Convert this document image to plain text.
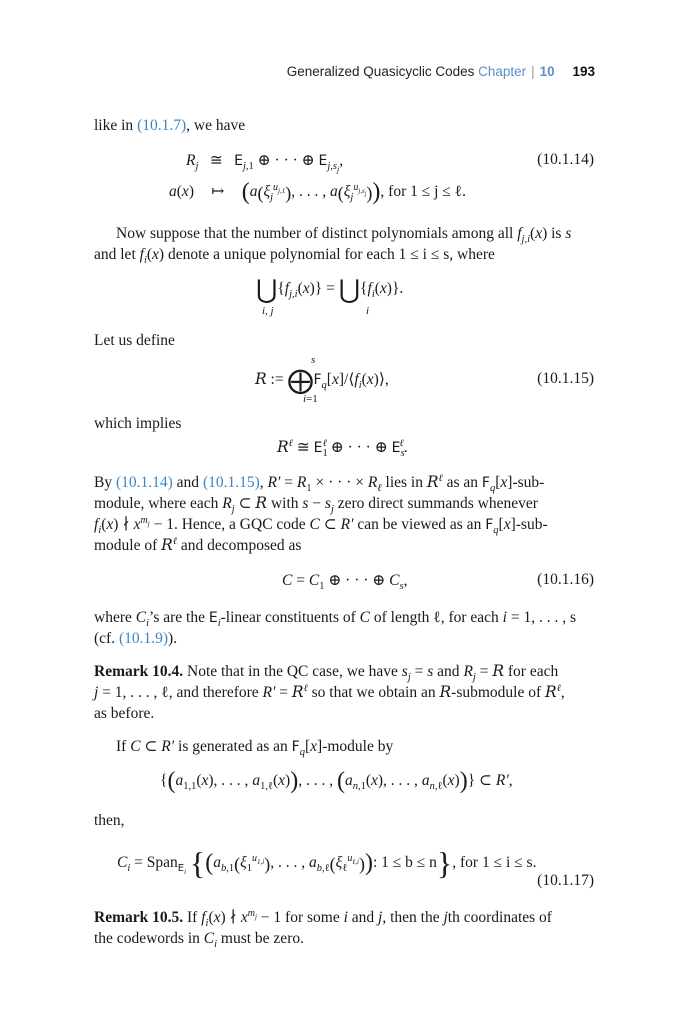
Generalized Quasicyclic Codes Chapter | 10 193
like in (10.1.7), we have
$R_j$ ≅ $E_{j,1}$ ⊕ · · · ⊕ $E_{j,s_j}$,	(10.1.14)
a(x) ↦ ($a(\xi_j^{u_{j,1}})$, . . . , $a(\xi_j^{u_{j,s_j}})$), for 1 ≤ j ≤ ℓ.
Now suppose that the number of distinct polynomials among all $f_{j,i}(x)$ is s
and let $f_i(x)$ denote a unique polynomial for each 1 ≤ i ≤ s, where
$⋃\{f_{j,i}(x)\}$ = $⋃\{f_i(x)\}$.
i, j	i
Let us define
s
R := $⨁F_q[x]/⟨f_i(x)⟩$,
i=1
(10.1.15)
which implies
$R^\ell$ ≅ $E_1^\ell$ ⊕ · · · ⊕ $E_s^\ell$.
By (10.1.14) and (10.1.15), $R' = R_1$ × · · · × $R_\ell$ lies in $R^\ell$ as an $F_q[x]-sub-$
module, where each $R_j$ ⊂ R with $s - s_j$ zero direct summands whenever
$f_i(x)$ ∤ $x^{m_j} - 1$. Hence, a GQC code C ⊂ R′ can be viewed as an $F_q[x]-sub-$
module of $R^\ell$ and decomposed as
$C = C_1$ ⊕ · · · ⊕ $C_s$,	(10.1.16)
where $C_i’s$ are the $E_i$-linear constituents of C of length ℓ, for each i = 1, . . . , s
(cf. (10.1.9)).
Remark 10.4. Note that in the QC case, we have $s_j = s$ and $R_j = R$ for each
j = 1, . . . , ℓ, and therefore $R' = R^\ell$ so that we obtain an R-submodule of $R^\ell$,
as before.
If C ⊂ R′ is generated as an $F_q[x]$-module by
{($a_{1,1}(x)$, . . . , $a_{1,\ell}(x)$), . . . , ($a_{n,1}(x)$, . . . , $a_{n,\ell}(x)$)} ⊂ R′,
then,
$C_i$ = Span$_{E_i}$ {($a_{b,1}(\xi_1^{u_{1,i}})$, . . . , $a_{b,\ell}(\xi_\ell^{u_{\ell,i}})$): 1 ≤ b ≤ n}, for 1 ≤ i ≤ s.
(10.1.17)
Remark 10.5. If $f_i(x)$ ∤ $x^{m_j} - 1$ for some i and j, then the jth coordinates of
the codewords in $C_i$ must be zero.
